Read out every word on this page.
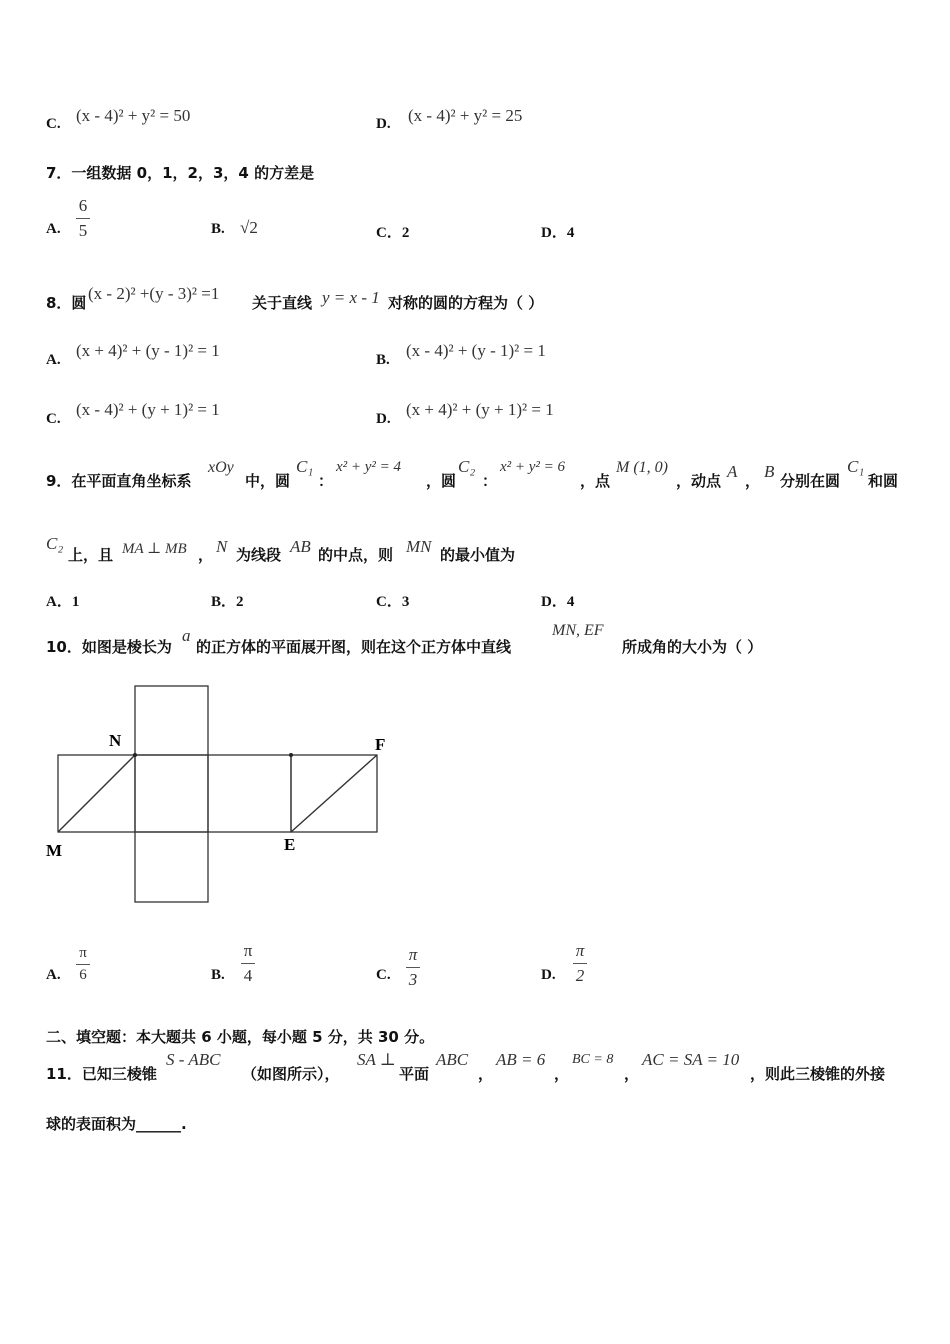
C. (x - 4)² + y² = 50	D. (x - 4)² + y² = 25
7．一组数据 0，1，2，3，4 的方差是
A.
6
5	B. √2	C．2	D．4
8．圆 (x - 2)² +(y - 3)² =1 关于直线 y = x - 1 对称的圆的方程为（ ）
A. (x + 4)² + (y - 1)² = 1	B. (x - 4)² + (y - 1)² = 1
C. (x - 4)² + (y + 1)² = 1	D. (x + 4)² + (y + 1)² = 1
9．在平面直角坐标系
xOy
中，圆
C₁
：
x² + y² = 4
，圆
C₂
：
x² + y² = 6
，点
M (1, 0)
，动点 A ， B 分别在圆
C₁
和圆
C₂
上，且 MA ⊥ MB ， N 为线段 AB 的中点，则 MN 的最小值为
A．1	B．2	C．3	D．4
10．如图是棱长为
a
的正方体的平面展开图，则在这个正方体中直线
MN, EF
所成角的大小为（ ）
N	F
M	E
A.
π
6	B.
π
4	C.
π
3	D.
π
2
二、填空题：本大题共 6 小题，每小题 5 分，共 30 分。
11．已知三棱锥
S - ABC
（如图所示），
SA ⊥
平面
ABC
，
AB = 6
，
BC = 8
，
AC = SA = 10
，则此三棱锥的外接
球的表面积为______.
